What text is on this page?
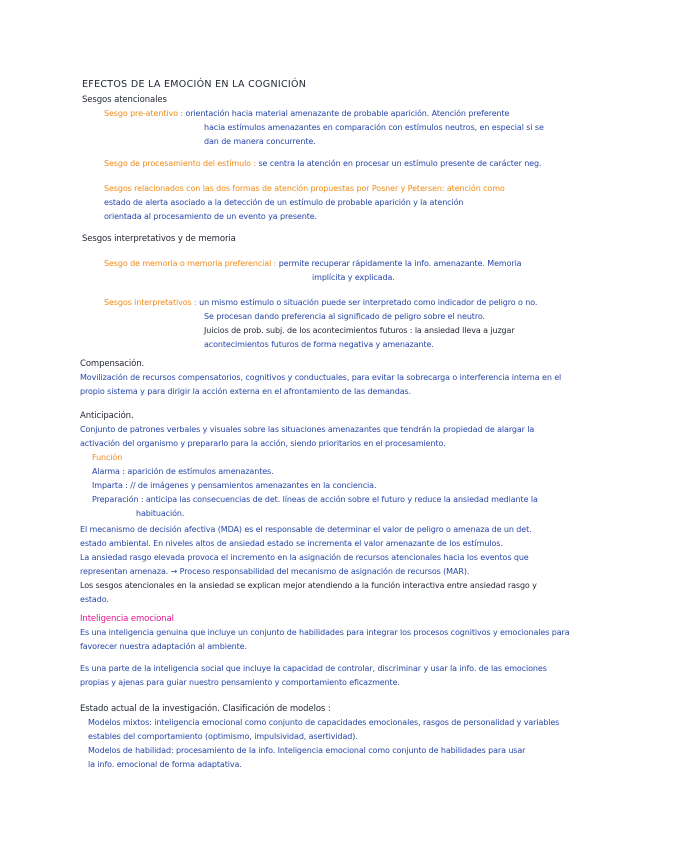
EFECTOS DE LA EMOCIÓN EN LA COGNICIÓN
Sesgos atencionales
Sesgo pre-atentivo : orientación hacia material amenazante de probable aparición. Atención preferente
hacia estímulos amenazantes en comparación con estímulos neutros, en especial si se
dan de manera concurrente.
Sesgo de procesamiento del estímulo : se centra la atención en procesar un estímulo presente de carácter neg.
Sesgos relacionados con las dos formas de atención propuestas por Posner y Petersen: atención como
estado de alerta asociado a la detección de un estímulo de probable aparición y la atención
orientada al procesamiento de un evento ya presente.
Sesgos interpretativos y de memoria
Sesgo de memoria o memoria preferencial : permite recuperar rápidamente la info. amenazante. Memoria
implícita y explicada.
Sesgos interpretativos : un mismo estímulo o situación puede ser interpretado como indicador de peligro o no.
Se procesan dando preferencia al significado de peligro sobre el neutro.
Juicios de prob. subj. de los acontecimientos futuros : la ansiedad lleva a juzgar
acontecimientos futuros de forma negativa y amenazante.
Compensación.
Movilización de recursos compensatorios, cognitivos y conductuales, para evitar la sobrecarga o interferencia interna en el
propio sistema y para dirigir la acción externa en el afrontamiento de las demandas.
Anticipación.
Conjunto de patrones verbales y visuales sobre las situaciones amenazantes que tendrán la propiedad de alargar la
activación del organismo y prepararlo para la acción, siendo prioritarios en el procesamiento.
Función
Alarma : aparición de estímulos amenazantes.
Imparta : // de imágenes y pensamientos amenazantes en la conciencia.
Preparación : anticipa las consecuencias de det. líneas de acción sobre el futuro y reduce la ansiedad mediante la
habituación.
El mecanismo de decisión afectiva (MDA) es el responsable de determinar el valor de peligro o amenaza de un det.
estado ambiental. En niveles altos de ansiedad estado se incrementa el valor amenazante de los estímulos.
La ansiedad rasgo elevada provoca el incremento en la asignación de recursos atencionales hacia los eventos que
representan amenaza. → Proceso responsabilidad del mecanismo de asignación de recursos (MAR).
Los sesgos atencionales en la ansiedad se explican mejor atendiendo a la función interactiva entre ansiedad rasgo y
estado.
Inteligencia emocional
Es una inteligencia genuina que incluye un conjunto de habilidades para integrar los procesos cognitivos y emocionales para
favorecer nuestra adaptación al ambiente.
Es una parte de la inteligencia social que incluye la capacidad de controlar, discriminar y usar la info. de las emociones
propias y ajenas para guiar nuestro pensamiento y comportamiento eficazmente.
Estado actual de la investigación. Clasificación de modelos :
Modelos mixtos: inteligencia emocional como conjunto de capacidades emocionales, rasgos de personalidad y variables
estables del comportamiento (optimismo, impulsividad, asertividad).
Modelos de habilidad: procesamiento de la info. Inteligencia emocional como conjunto de habilidades para usar
la info. emocional de forma adaptativa.
